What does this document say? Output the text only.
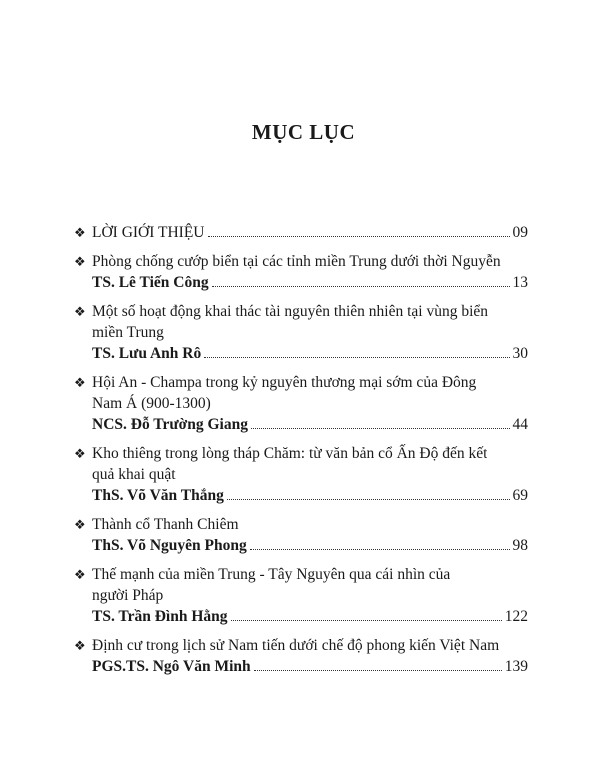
MỤC LỤC
❖ LỜI GIỚI THIỆU	09
❖ Phòng chống cướp biển tại các tỉnh miền Trung dưới thời Nguyễn
TS. Lê Tiến Công	13
❖ Một số hoạt động khai thác tài nguyên thiên nhiên tại vùng biển
miền Trung
TS. Lưu Anh Rô	30
❖ Hội An - Champa trong kỷ nguyên thương mại sớm của Đông
Nam Á (900-1300)
NCS. Đỗ Trường Giang	44
❖ Kho thiêng trong lòng tháp Chăm: từ văn bản cổ Ấn Độ đến kết
quả khai quật
ThS. Võ Văn Thắng	69
❖ Thành cổ Thanh Chiêm
ThS. Võ Nguyên Phong	98
❖ Thế mạnh của miền Trung - Tây Nguyên qua cái nhìn của
người Pháp
TS. Trần Đình Hằng	122
❖ Định cư trong lịch sử Nam tiến dưới chế độ phong kiến Việt Nam
PGS.TS. Ngô Văn Minh	139
